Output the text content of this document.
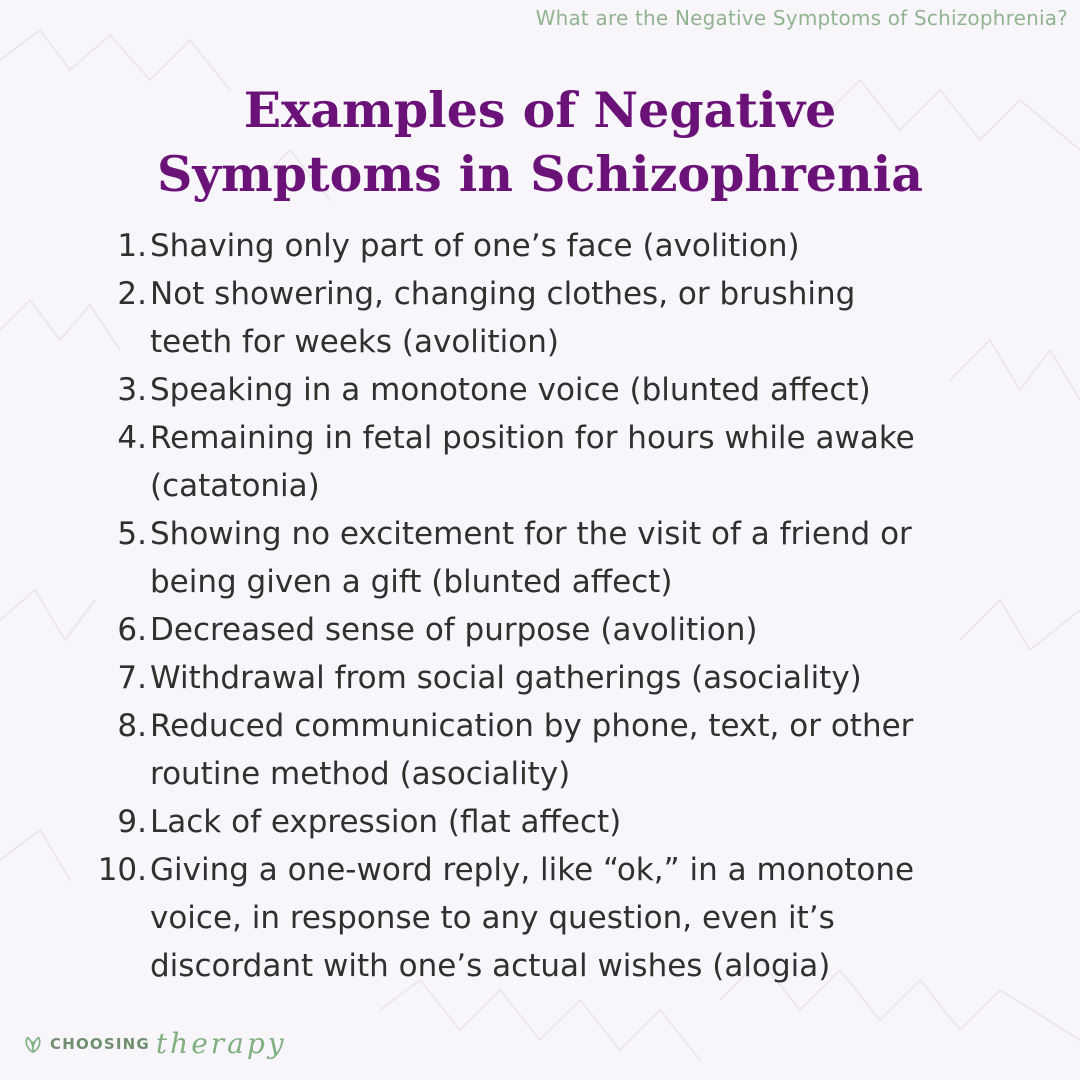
What are the Negative Symptoms of Schizophrenia?
Examples of Negative
Symptoms in Schizophrenia
1. Shaving only part of one’s face (avolition)
2. Not showering, changing clothes, or brushing
teeth for weeks (avolition)
3. Speaking in a monotone voice (blunted affect)
4. Remaining in fetal position for hours while awake
(catatonia)
5. Showing no excitement for the visit of a friend or
being given a gift (blunted affect)
6. Decreased sense of purpose (avolition)
7. Withdrawal from social gatherings (asociality)
8. Reduced communication by phone, text, or other
routine method (asociality)
9. Lack of expression (flat affect)
10. Giving a one-word reply, like “ok,” in a monotone
voice, in response to any question, even it’s
discordant with one’s actual wishes (alogia)
CHOOSING therapy
